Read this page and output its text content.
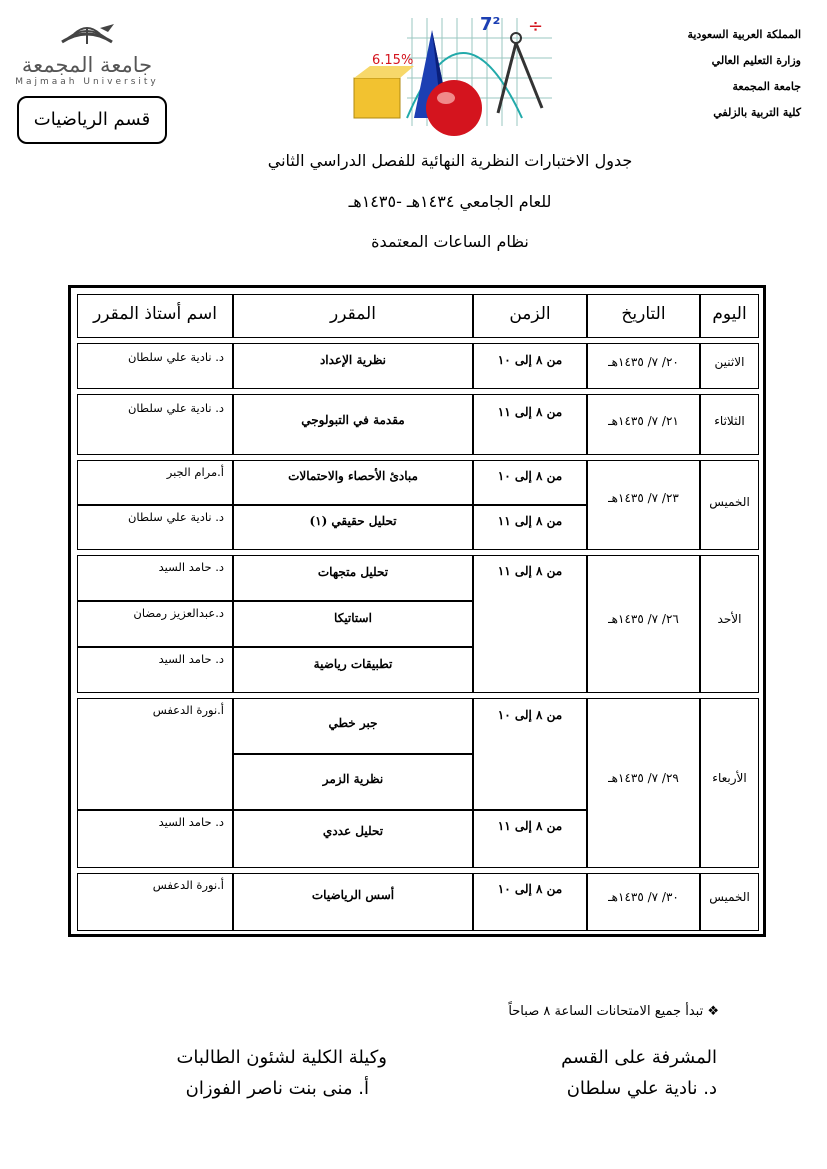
المملكة العربية السعودية
وزارة التعليم العالي
جامعة المجمعة
كلية التربية بالزلفي
جامعة المجمعة
Majmaah University
قسم الرياضيات
6.15%
7² ÷
جدول الاختبارات النظرية النهائية للفصل الدراسي الثاني
للعام الجامعي ١٤٣٤هـ -١٤٣٥هـ
نظام الساعات المعتمدة
اليوم
التاريخ
الزمن
المقرر
اسم أستاذ المقرر
الاثنين
٢٠/ ٧/ ١٤٣٥هـ
من ٨ إلى ١٠
نظرية الإعداد
د. نادية علي سلطان
الثلاثاء
٢١/ ٧/ ١٤٣٥هـ
من ٨ إلى ١١
مقدمة في التبولوجي
د. نادية علي سلطان
الخميس
٢٣/ ٧/ ١٤٣٥هـ
من ٨ إلى ١٠
من ٨ إلى ١١
مبادئ الأحصاء والاحتمالات
تحليل حقيقي (١)
أ.مرام الجبر
د. نادية علي سلطان
الأحد
٢٦/ ٧/ ١٤٣٥هـ
من ٨ إلى ١١
تحليل متجهات
استاتيكا
تطبيقات رياضية
د. حامد السيد
د.عبدالعزيز رمضان
د. حامد السيد
الأربعاء
٢٩/ ٧/ ١٤٣٥هـ
من ٨ إلى ١٠
من ٨ إلى ١١
جبر خطي
نظرية الزمر
تحليل عددي
أ.نورة الدعفس
د. حامد السيد
الخميس
٣٠/ ٧/ ١٤٣٥هـ
من ٨ إلى ١٠
أسس الرياضيات
أ.نورة الدعفس
❖ تبدأ جميع الامتحانات الساعة ٨ صباحاً
المشرفة على القسم
د. نادية علي سلطان
وكيلة الكلية لشئون الطالبات
أ. منى بنت ناصر الفوزان
